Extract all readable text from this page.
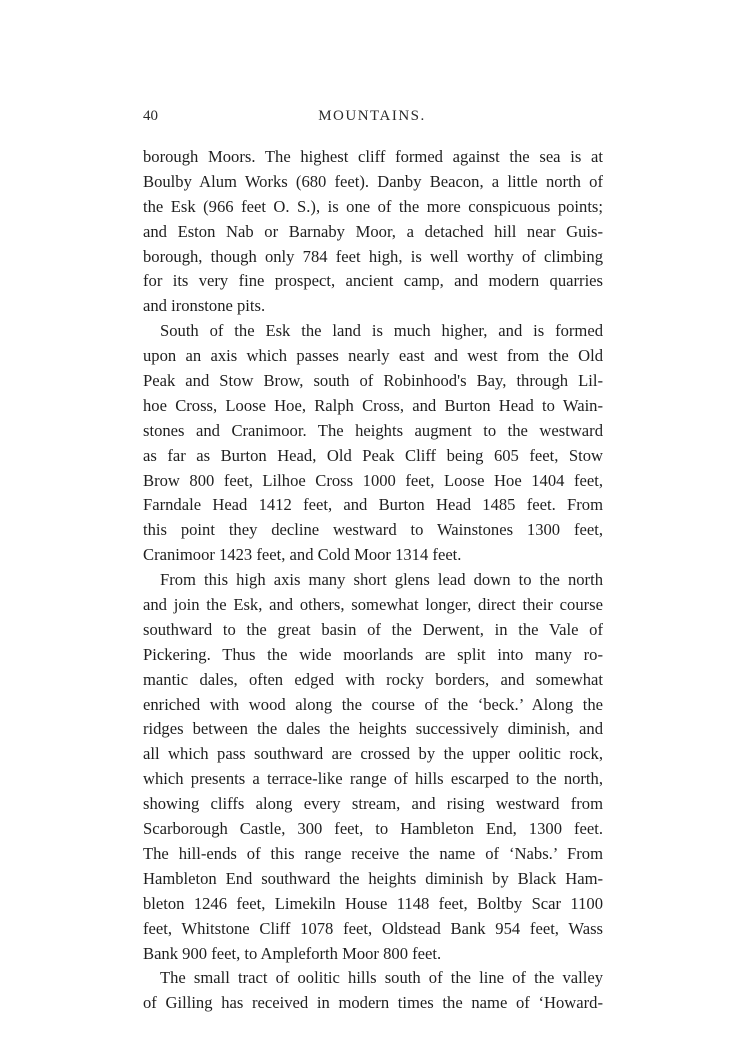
40	MOUNTAINS.
borough Moors. The highest cliff formed against the sea is at
Boulby Alum Works (680 feet). Danby Beacon, a little north of
the Esk (966 feet O. S.), is one of the more conspicuous points;
and Eston Nab or Barnaby Moor, a detached hill near Guis-
borough, though only 784 feet high, is well worthy of climbing
for its very fine prospect, ancient camp, and modern quarries
and ironstone pits.
South of the Esk the land is much higher, and is formed
upon an axis which passes nearly east and west from the Old
Peak and Stow Brow, south of Robinhood's Bay, through Lil-
hoe Cross, Loose Hoe, Ralph Cross, and Burton Head to Wain-
stones and Cranimoor. The heights augment to the westward
as far as Burton Head, Old Peak Cliff being 605 feet, Stow
Brow 800 feet, Lilhoe Cross 1000 feet, Loose Hoe 1404 feet,
Farndale Head 1412 feet, and Burton Head 1485 feet. From
this point they decline westward to Wainstones 1300 feet,
Cranimoor 1423 feet, and Cold Moor 1314 feet.
From this high axis many short glens lead down to the north
and join the Esk, and others, somewhat longer, direct their course
southward to the great basin of the Derwent, in the Vale of
Pickering. Thus the wide moorlands are split into many ro-
mantic dales, often edged with rocky borders, and somewhat
enriched with wood along the course of the ‘beck.’ Along the
ridges between the dales the heights successively diminish, and
all which pass southward are crossed by the upper oolitic rock,
which presents a terrace-like range of hills escarped to the north,
showing cliffs along every stream, and rising westward from
Scarborough Castle, 300 feet, to Hambleton End, 1300 feet.
The hill-ends of this range receive the name of ‘Nabs.’ From
Hambleton End southward the heights diminish by Black Ham-
bleton 1246 feet, Limekiln House 1148 feet, Boltby Scar 1100
feet, Whitstone Cliff 1078 feet, Oldstead Bank 954 feet, Wass
Bank 900 feet, to Ampleforth Moor 800 feet.
The small tract of oolitic hills south of the line of the valley
of Gilling has received in modern times the name of ‘Howard-
